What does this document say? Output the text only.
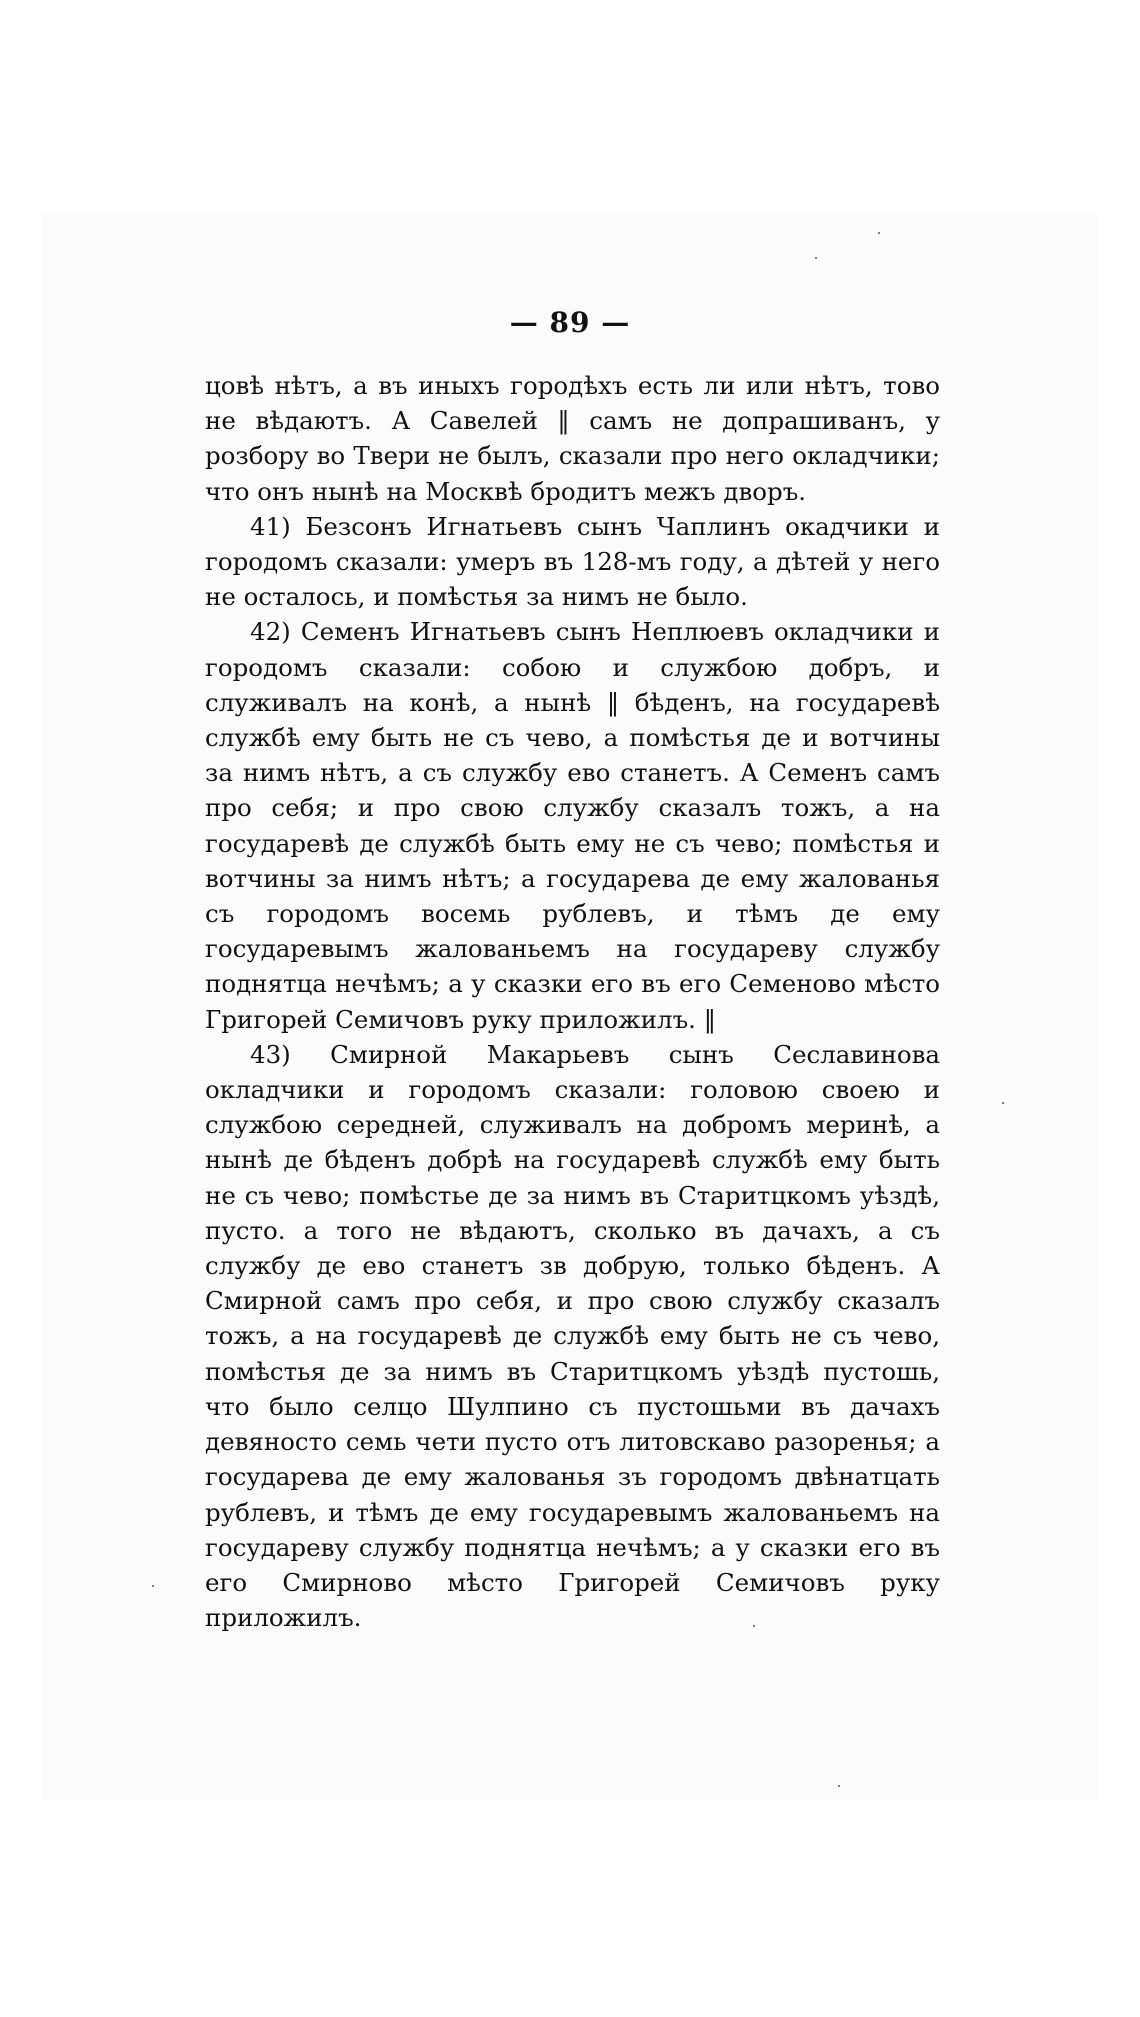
— 89 —

цовѣ нѣтъ, а въ иныхъ городѣхъ есть ли или нѣтъ, тово не вѣдаютъ. А Савелей ‖ самъ не допрашиванъ, у розбору во Твери не былъ, сказали про него окладчики; что онъ нынѣ на Москвѣ бродитъ межъ дворъ.

41) Безсонъ Игнатьевъ сынъ Чаплинъ окадчики и городомъ сказали: умеръ въ 128-мъ году, а дѣтей у него не осталось, и помѣстья за нимъ не было.

42) Семенъ Игнатьевъ сынъ Неплюевъ окладчики и городомъ сказали: собою и службою добръ, и служивалъ на конѣ, а нынѣ ‖ бѣденъ, на государевѣ службѣ ему быть не съ чево, а помѣстья де и вотчины за нимъ нѣтъ, а съ службу ево станетъ. А Семенъ самъ про себя; и про свою службу сказалъ тожъ, а на государевѣ де службѣ быть ему не съ чево; помѣстья и вотчины за нимъ нѣтъ; а государева де ему жалованья съ городомъ восемь рублевъ, и тѣмъ де ему государевымъ жалованьемъ на государеву службу поднятца нечѣмъ; а у сказки его въ его Семеново мѣсто Григорей Семичовъ руку приложилъ. ‖

43) Смирной Макарьевъ сынъ Сеславинова окладчики и городомъ сказали: головою своею и службою середней, служивалъ на добромъ меринѣ, а нынѣ де бѣденъ добрѣ на государевѣ службѣ ему быть не съ чево; помѣстье де за нимъ въ Старитцкомъ уѣздѣ, пусто. а того не вѣдаютъ, сколько въ дачахъ, а съ службу де ево станетъ зв добрую, только бѣденъ. А Смирной самъ про себя, и про свою службу сказалъ тожъ, а на государевѣ де службѣ ему быть не съ чево, помѣстья де за нимъ въ Старитцкомъ уѣздѣ пустошь, что было селцо Шулпино съ пустошьми въ дачахъ девяносто семь чети пусто отъ литовскаво разоренья; а государева де ему жалованья зъ городомъ двѣнатцать рублевъ, и тѣмъ де ему государевымъ жалованьемъ на государеву службу поднятца нечѣмъ; а у сказки его въ его Смирново мѣсто Григорей Семичовъ руку приложилъ.
